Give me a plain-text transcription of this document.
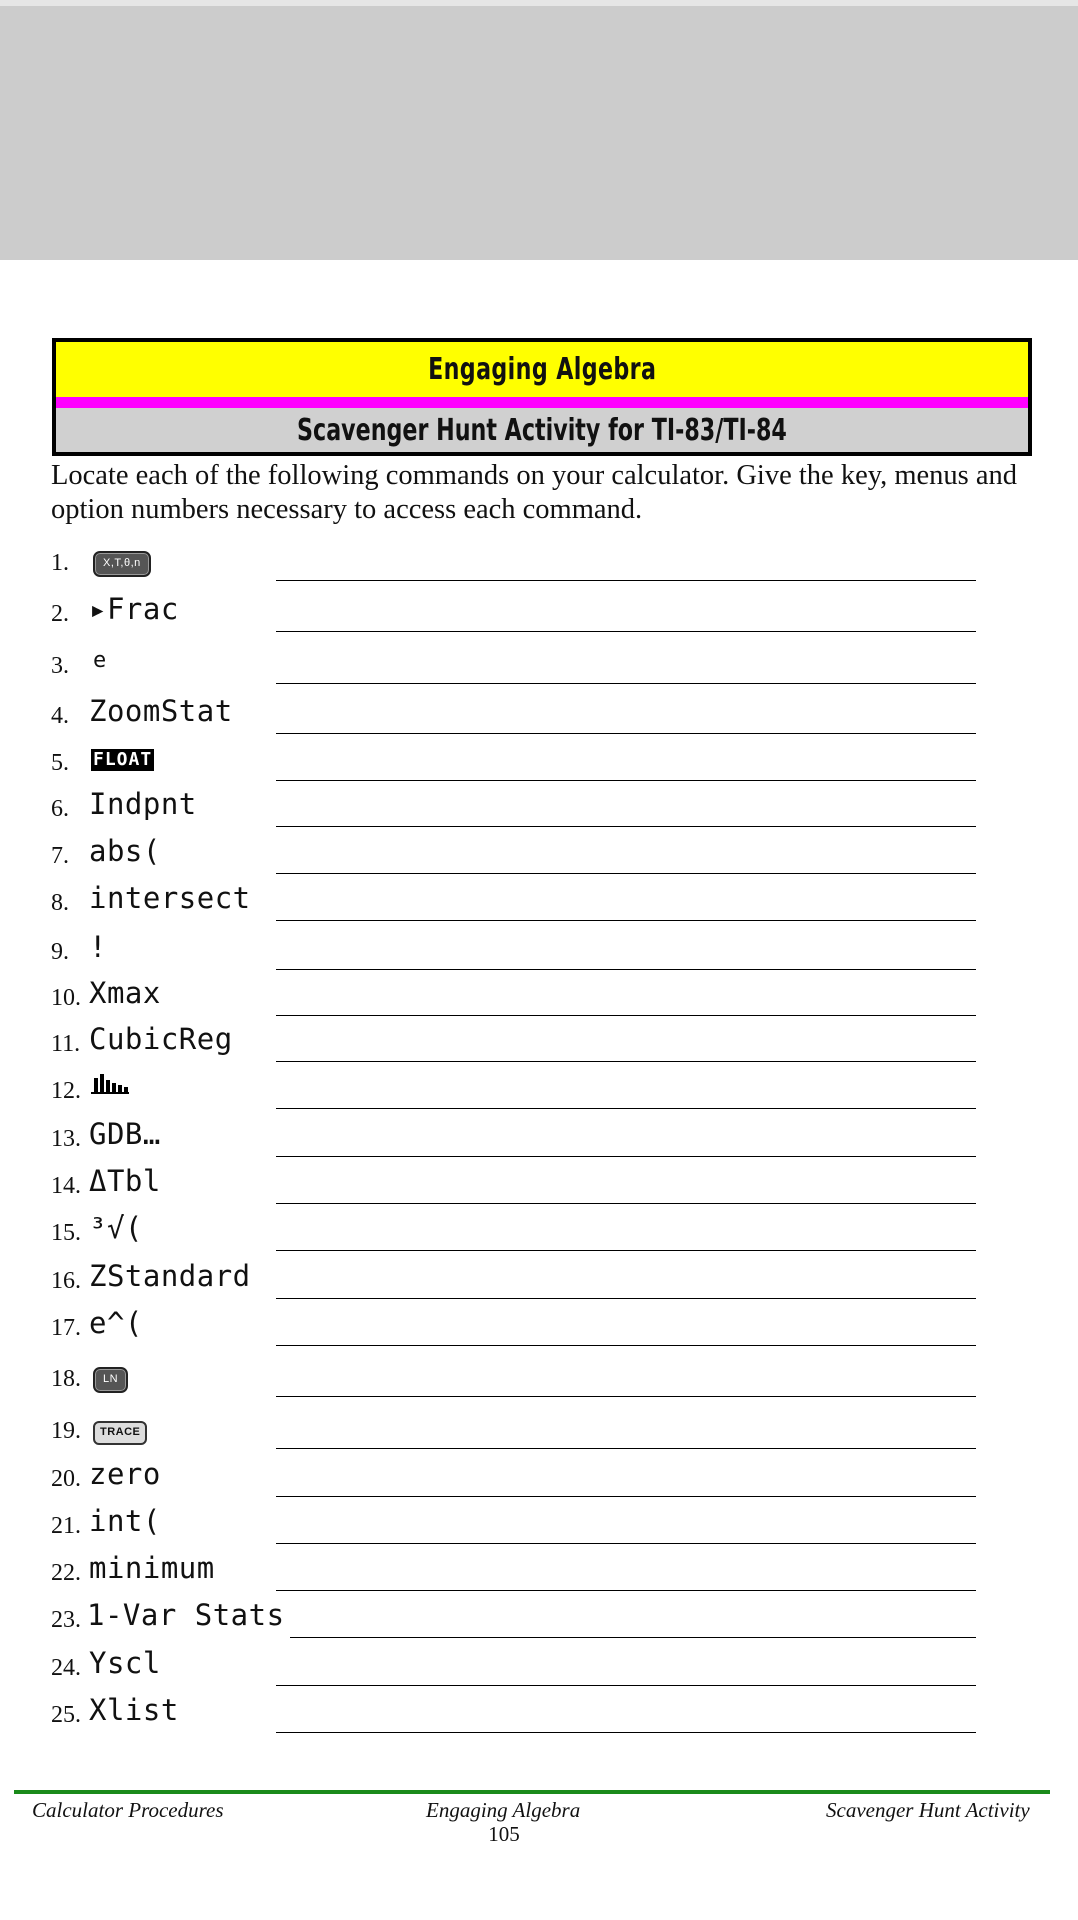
Engaging Algebra
Scavenger Hunt Activity for TI-83/TI-84

Locate each of the following commands on your calculator. Give the key, menus and option numbers necessary to access each command.

1.	X,T,θ,n
2. ▸Frac
3. e
4. ZoomStat
5. FLOAT
6. Indpnt
7. abs(
8. intersect
9. !
10. Xmax
11. CubicReg
12.
13. GDB…
14. ΔTbl
15. ³√(
16. ZStandard
17. e^(
18.	LN
19.	TRACE
20. zero
21. int(
22. minimum
23. 1-Var Stats
24. Yscl
25. Xlist
Calculator Procedures	Engaging Algebra	Scavenger Hunt Activity
105
